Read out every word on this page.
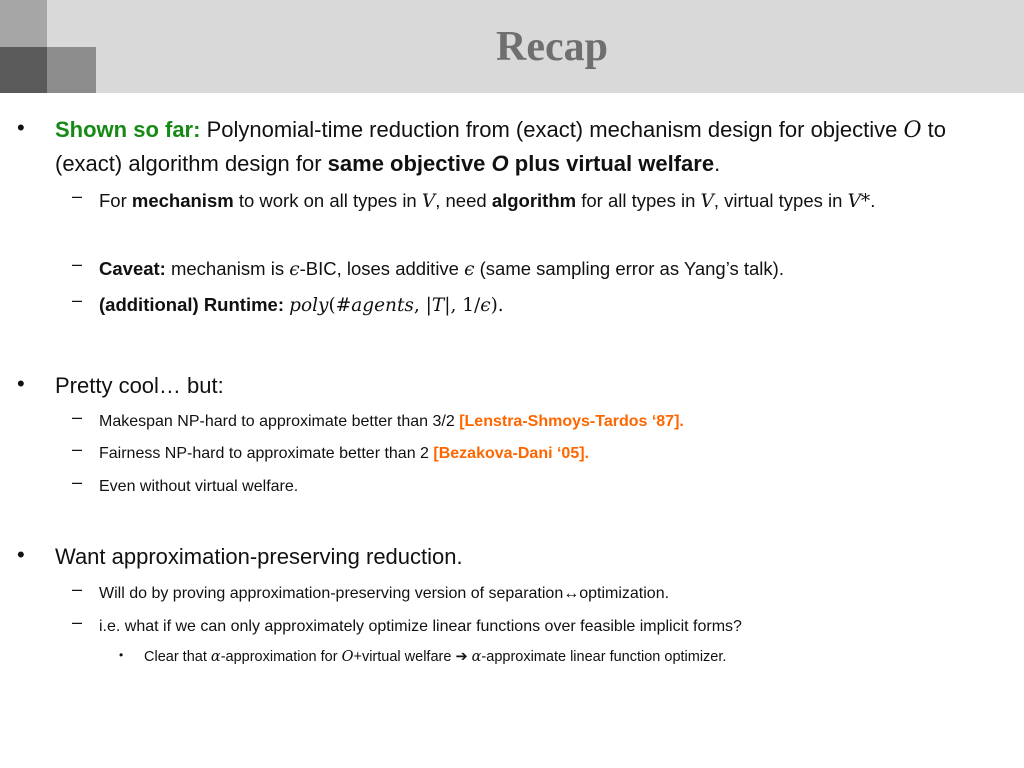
Recap
• Shown so far: Polynomial-time reduction from (exact) mechanism design for objective O to (exact) algorithm design for same objective O plus virtual welfare.
– For mechanism to work on all types in V, need algorithm for all types in V, virtual types in V*.
– Caveat: mechanism is ϵ-BIC, loses additive ϵ (same sampling error as Yang’s talk).
– (additional) Runtime: poly(#agents, |T|, 1/ϵ).
• Pretty cool… but:
– Makespan NP-hard to approximate better than 3/2 [Lenstra-Shmoys-Tardos ‘87].
– Fairness NP-hard to approximate better than 2 [Bezakova-Dani ‘05].
– Even without virtual welfare.
• Want approximation-preserving reduction.
– Will do by proving approximation-preserving version of separation↔optimization.
– i.e. what if we can only approximately optimize linear functions over feasible implicit forms?
• Clear that α-approximation for O+virtual welfare ➔ α-approximate linear function optimizer.
